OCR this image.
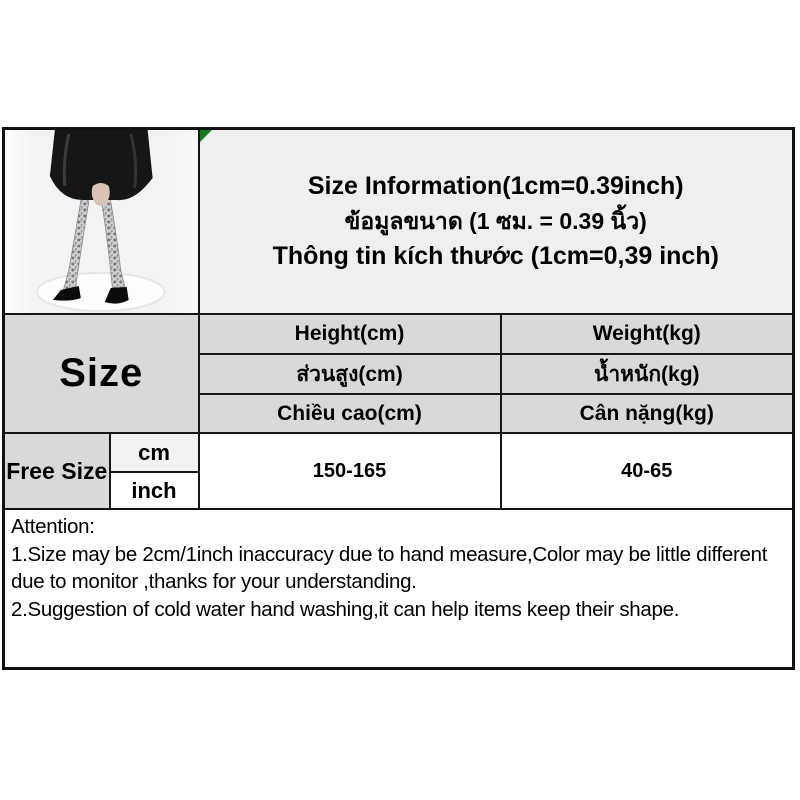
Size Information(1cm=0.39inch)
ข้อมูลขนาด (1 ซม. = 0.39 นิ้ว)
Thông tin kích thước (1cm=0,39 inch)	

Size		Height(cm)	Weight(kg)
		ส่วนสูง(cm)	น้ำหนัก(kg)
		Chiều cao(cm)	Cân nặng(kg)
Free Size	cm	150-165	40-65
	inch		

Attention:
1.Size may be 2cm/1inch inaccuracy due to hand measure,Color may be little different due to monitor ,thanks for your understanding.
2.Suggestion of cold water hand washing,it can help items keep their shape.			
